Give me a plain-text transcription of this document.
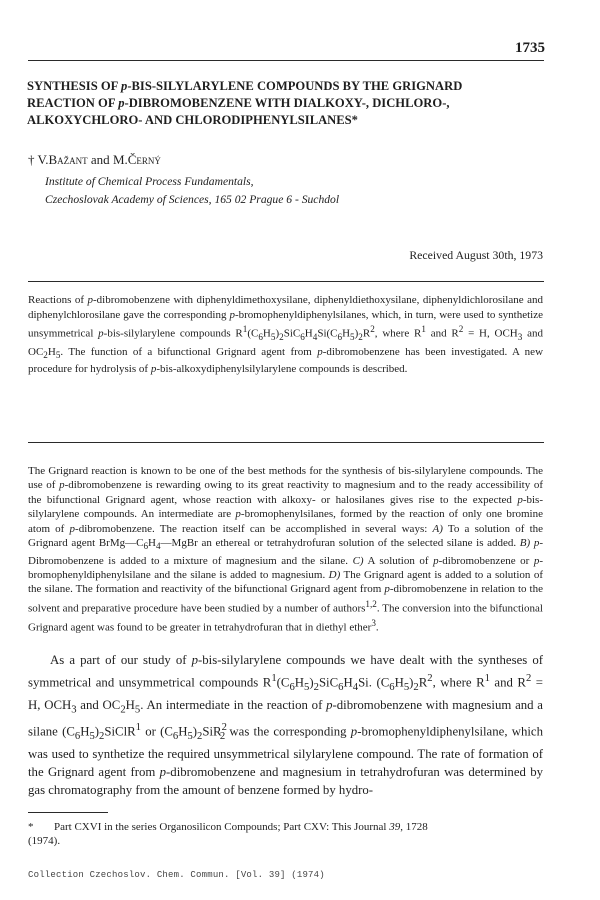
1735
SYNTHESIS OF p-BIS-SILYLARYLENE COMPOUNDS BY THE GRIGNARD
REACTION OF p-DIBROMOBENZENE WITH DIALKOXY-, DICHLORO-,
ALKOXYCHLORO- AND CHLORODIPHENYLSILANES*
† V.Bažant and M.Černý
Institute of Chemical Process Fundamentals,
Czechoslovak Academy of Sciences, 165 02 Prague 6 - Suchdol
Received August 30th, 1973

Reactions of p-dibromobenzene with diphenyldimethoxysilane, diphenyldiethoxysilane, diphenyldichlorosilane and diphenylchlorosilane gave the corresponding p-bromophenyldiphenylsilanes, which, in turn, were used to synthetize unsymmetrical p-bis-silylarylene compounds $R^1(C_6H_5)_2SiC_6H_4Si(C_6H_5)_2R^2$, where $R^1$ and $R^2 = H$, $OCH_3$ and $OC_2H_5$. The function of a bifunctional Grignard agent from p-dibromobenzene has been investigated. A new procedure for hydrolysis of p-bis-alkoxydiphenylsilylarylene compounds is described.

The Grignard reaction is known to be one of the best methods for the synthesis of bis-silylarylene compounds. The use of p-dibromobenzene is rewarding owing to its great reactivity to magnesium and to the ready accessibility of the bifunctional Grignard agent, whose reaction with alkoxy- or halosilanes gives rise to the expected p-bis-silylarylene compounds. An intermediate are p-bromophenylsilanes, formed by the reaction of only one bromine atom of p-dibromobenzene. The reaction itself can be accomplished in several ways: A) To a solution of the Grignard agent $BrMg—C_6H_4—MgBr$ an ethereal or tetrahydrofuran solution of the selected silane is added. B) p-Dibromobenzene is added to a mixture of magnesium and the silane. C) A solution of p-dibromobenzene or p-bromophenyldiphenylsilane and the silane is added to magnesium. D) The Grignard agent is added to a solution of the silane. The formation and reactivity of the bifunctional Grignard agent from p-dibromobenzene in relation to the solvent and preparative procedure have been studied by a number of authors$^{1,2}$. The conversion into the bifunctional Grignard agent was found to be greater in tetrahydrofuran that in diethyl ether$^3$.

As a part of our study of p-bis-silylarylene compounds we have dealt with the syntheses of symmetrical and unsymmetrical compounds $R^1(C_6H_5)_2SiC_6H_4Si$. $(C_6H_5)_2R^2$, where $R^1$ and $R^2 = H$, $OCH_3$ and $OC_2H_5$. An intermediate in the reaction of p-dibromobenzene with magnesium and a silane $(C_6H_5)_2SiClR^1$ or $(C_6H_5)_2SiR^2_2$ was the corresponding p-bromophenyldiphenylsilane, which was used to synthetize the required unsymmetrical silylarylene compound. The rate of formation of the Grignard agent from p-dibromobenzene and magnesium in tetrahydrofuran was determined by gas chromatography from the amount of benzene formed by hydro-

* Part CXVI in the series Organosilicon Compounds; Part CXV: This Journal 39, 1728
(1974).
Collection Czechoslov. Chem. Commun. [Vol. 39] (1974)
